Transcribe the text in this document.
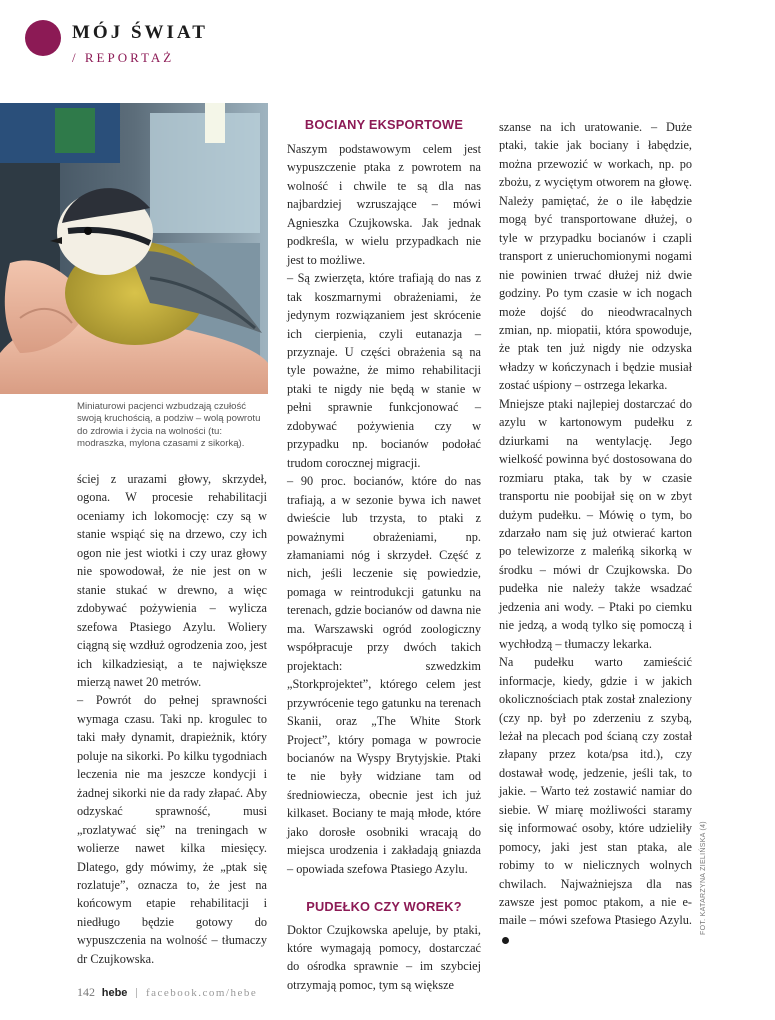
MÓJ ŚWIAT
/ REPORTAŻ

Miniaturowi pacjenci wzbudzają czułość swoją kruchością, a podziw – wolą powrotu do zdrowia i życia na wolności (tu: modraszka, mylona czasami z sikorką).

ściej z urazami głowy, skrzydeł, ogona. W procesie rehabilitacji oceniamy ich lokomocję: czy są w stanie wspiąć się na drzewo, czy ich ogon nie jest wiotki i czy uraz głowy nie spowodował, że nie jest on w stanie stukać w drewno, a więc zdobywać pożywienia – wylicza szefowa Ptasiego Azylu. Woliery ciągną się wzdłuż ogrodzenia zoo, jest ich kilkadziesiąt, a te największe mierzą nawet 20 metrów.

– Powrót do pełnej sprawności wymaga czasu. Taki np. krogulec to taki mały dynamit, drapieżnik, który poluje na sikorki. Po kilku tygodniach leczenia nie ma jeszcze kondycji i żadnej sikorki nie da rady złapać. Aby odzyskać sprawność, musi „rozlatywać się” na treningach w wolierze nawet kilka miesięcy. Dlatego, gdy mówimy, że „ptak się rozlatuje”, oznacza to, że jest na końcowym etapie rehabilitacji i niedługo będzie gotowy do wypuszczenia na wolność – tłumaczy dr Czujkowska.

BOCIANY EKSPORTOWE

Naszym podstawowym celem jest wypuszczenie ptaka z powrotem na wolność i chwile te są dla nas najbardziej wzruszające – mówi Agnieszka Czujkowska. Jak jednak podkreśla, w wielu przypadkach nie jest to możliwe.

– Są zwierzęta, które trafiają do nas z tak koszmarnymi obrażeniami, że jedynym rozwiązaniem jest skrócenie ich cierpienia, czyli eutanazja – przyznaje. U części obrażenia są na tyle poważne, że mimo rehabilitacji ptaki te nigdy nie będą w stanie w pełni sprawnie funkcjonować – zdobywać pożywienia czy w przypadku np. bocianów podołać trudom corocznej migracji.

– 90 proc. bocianów, które do nas trafiają, a w sezonie bywa ich nawet dwieście lub trzysta, to ptaki z poważnymi obrażeniami, np. złamaniami nóg i skrzydeł. Część z nich, jeśli leczenie się powiedzie, pomaga w reintrodukcji gatunku na terenach, gdzie bocianów od dawna nie ma. Warszawski ogród zoologiczny współpracuje przy dwóch takich projektach: szwedzkim „Storkprojektet”, którego celem jest przywrócenie tego gatunku na terenach Skanii, oraz „The White Stork Project”, który pomaga w powrocie bocianów na Wyspy Brytyjskie. Ptaki te nie były widziane tam od średniowiecza, obecnie jest ich już kilkaset. Bociany te mają młode, które jako dorosłe osobniki wracają do miejsca urodzenia i zakładają gniazda – opowiada szefowa Ptasiego Azylu.

PUDEŁKO CZY WOREK?

Doktor Czujkowska apeluje, by ptaki, które wymagają pomocy, dostarczać do ośrodka sprawnie – im szybciej otrzymają pomoc, tym są większe

szanse na ich uratowanie. – Duże ptaki, takie jak bociany i łabędzie, można przewozić w workach, np. po zbożu, z wyciętym otworem na głowę. Należy pamiętać, że o ile łabędzie mogą być transportowane dłużej, o tyle w przypadku bocianów i czapli transport z unieruchomionymi nogami nie powinien trwać dłużej niż dwie godziny. Po tym czasie w ich nogach może dojść do nieodwracalnych zmian, np. miopatii, która spowoduje, że ptak ten już nigdy nie odzyska władzy w kończynach i będzie musiał zostać uśpiony – ostrzega lekarka.

Mniejsze ptaki najlepiej dostarczać do azylu w kartonowym pudełku z dziurkami na wentylację. Jego wielkość powinna być dostosowana do rozmiaru ptaka, tak by w czasie transportu nie poobijał się on w zbyt dużym pudełku. – Mówię o tym, bo zdarzało nam się już otwierać karton po telewizorze z maleńką sikorką w środku – mówi dr Czujkowska. Do pudełka nie należy także wsadzać jedzenia ani wody. – Ptaki po ciemku nie jedzą, a wodą tylko się pomoczą i wychłodzą – tłumaczy lekarka.

Na pudełku warto zamieścić informacje, kiedy, gdzie i w jakich okolicznościach ptak został znaleziony (czy np. był po zderzeniu z szybą, leżał na plecach pod ścianą czy został złapany przez kota/psa itd.), czy dostawał wodę, jedzenie, jeśli tak, to jakie. – Warto też zostawić namiar do siebie. W miarę możliwości staramy się informować osoby, które udzieliły pomocy, jaki jest stan ptaka, ale robimy to w nielicznych wolnych chwilach. Najważniejsza dla nas zawsze jest pomoc ptakom, a nie e-maile – mówi szefowa Ptasiego Azylu. FOT. KATARZYNA ZIELIŃSKA (4)
142 hebe facebook.com/hebe
